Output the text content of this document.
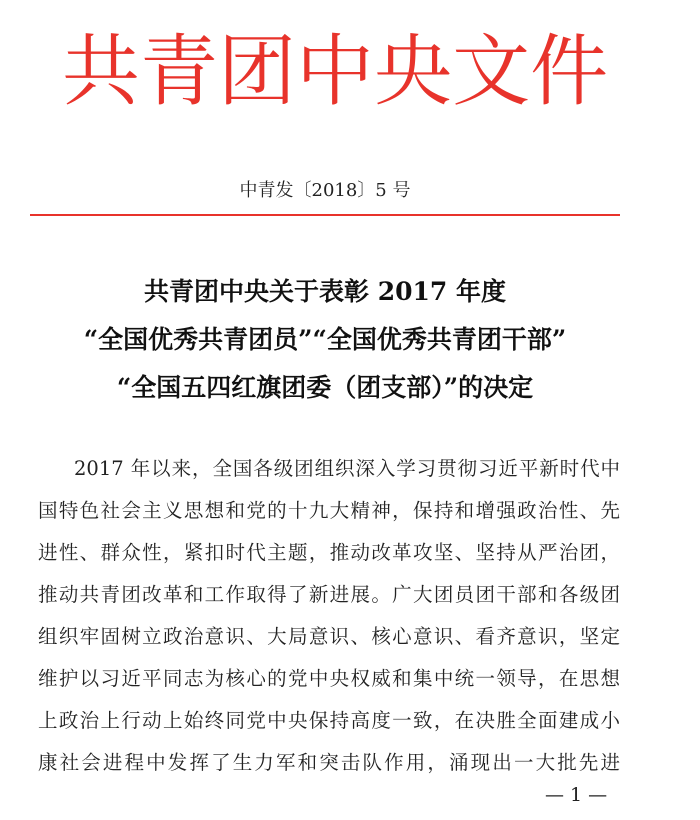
共 青 团 中 央 文 件
中青发〔2018〕5 号
共青团中央关于表彰 2017 年度
“全国优秀共青团员”“全国优秀共青团干部”
“全国五四红旗团委（团支部）”的决定
2017 年以来，全国各级团组织深入学习贯彻习近平新时代中
国特色社会主义思想和党的十九大精神，保持和增强政治性、先
进性、群众性，紧扣时代主题，推动改革攻坚、坚持从严治团，
推动共青团改革和工作取得了新进展。广大团员团干部和各级团
组织牢固树立政治意识、大局意识、核心意识、看齐意识，坚定
维护以习近平同志为核心的党中央权威和集中统一领导，在思想
上政治上行动上始终同党中央保持高度一致，在决胜全面建成小
康社会进程中发挥了生力军和突击队作用，涌现出一大批先进
— 1 —
